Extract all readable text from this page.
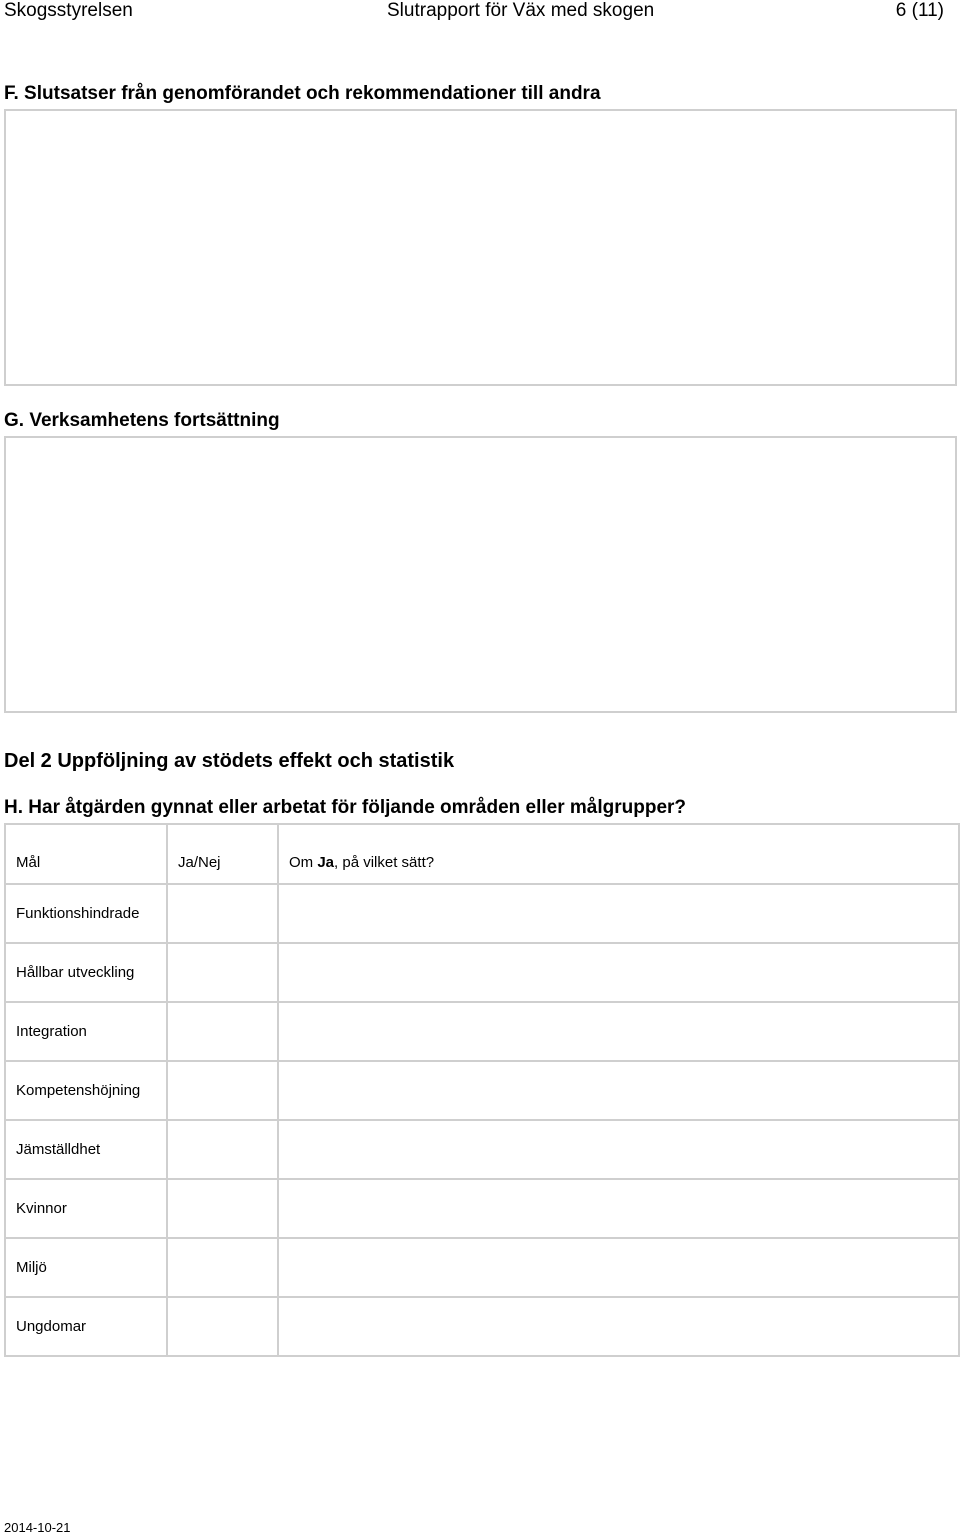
Skogsstyrelsen	Slutrapport för Väx med skogen	6 (11)
F. Slutsatser från genomförandet och rekommendationer till andra
G. Verksamhetens fortsättning
Del 2 Uppföljning av stödets effekt och statistik
H. Har åtgärden gynnat eller arbetat för följande områden eller målgrupper?
Mål	Ja/Nej	Om Ja, på vilket sätt?
Funktionshindrade		
Hållbar utveckling		
Integration		
Kompetenshöjning		
Jämställdhet		
Kvinnor		
Miljö		
Ungdomar		
2014-10-21
